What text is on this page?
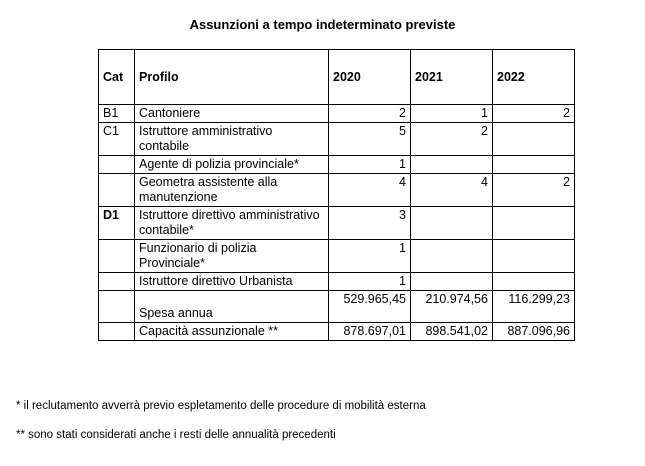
Assunzioni a tempo indeterminato previste
Cat	Profilo	2020	2021	2022
B1	Cantoniere	2	1	2
C1	Istruttore amministrativo contabile	5	2	
	Agente di polizia provinciale*	1		
	Geometra assistente alla manutenzione	4	4	2
D1	Istruttore direttivo amministrativo contabile*	3		
	Funzionario di polizia Provinciale*	1		
	Istruttore direttivo Urbanista	1		
	Spesa annua	529.965,45	210.974,56	116.299,23
	Capacità assunzionale **	878.697,01	898.541,02	887.096,96
* il reclutamento avverrà previo espletamento delle procedure di mobilità esterna
** sono stati considerati anche i resti delle annualità precedenti
